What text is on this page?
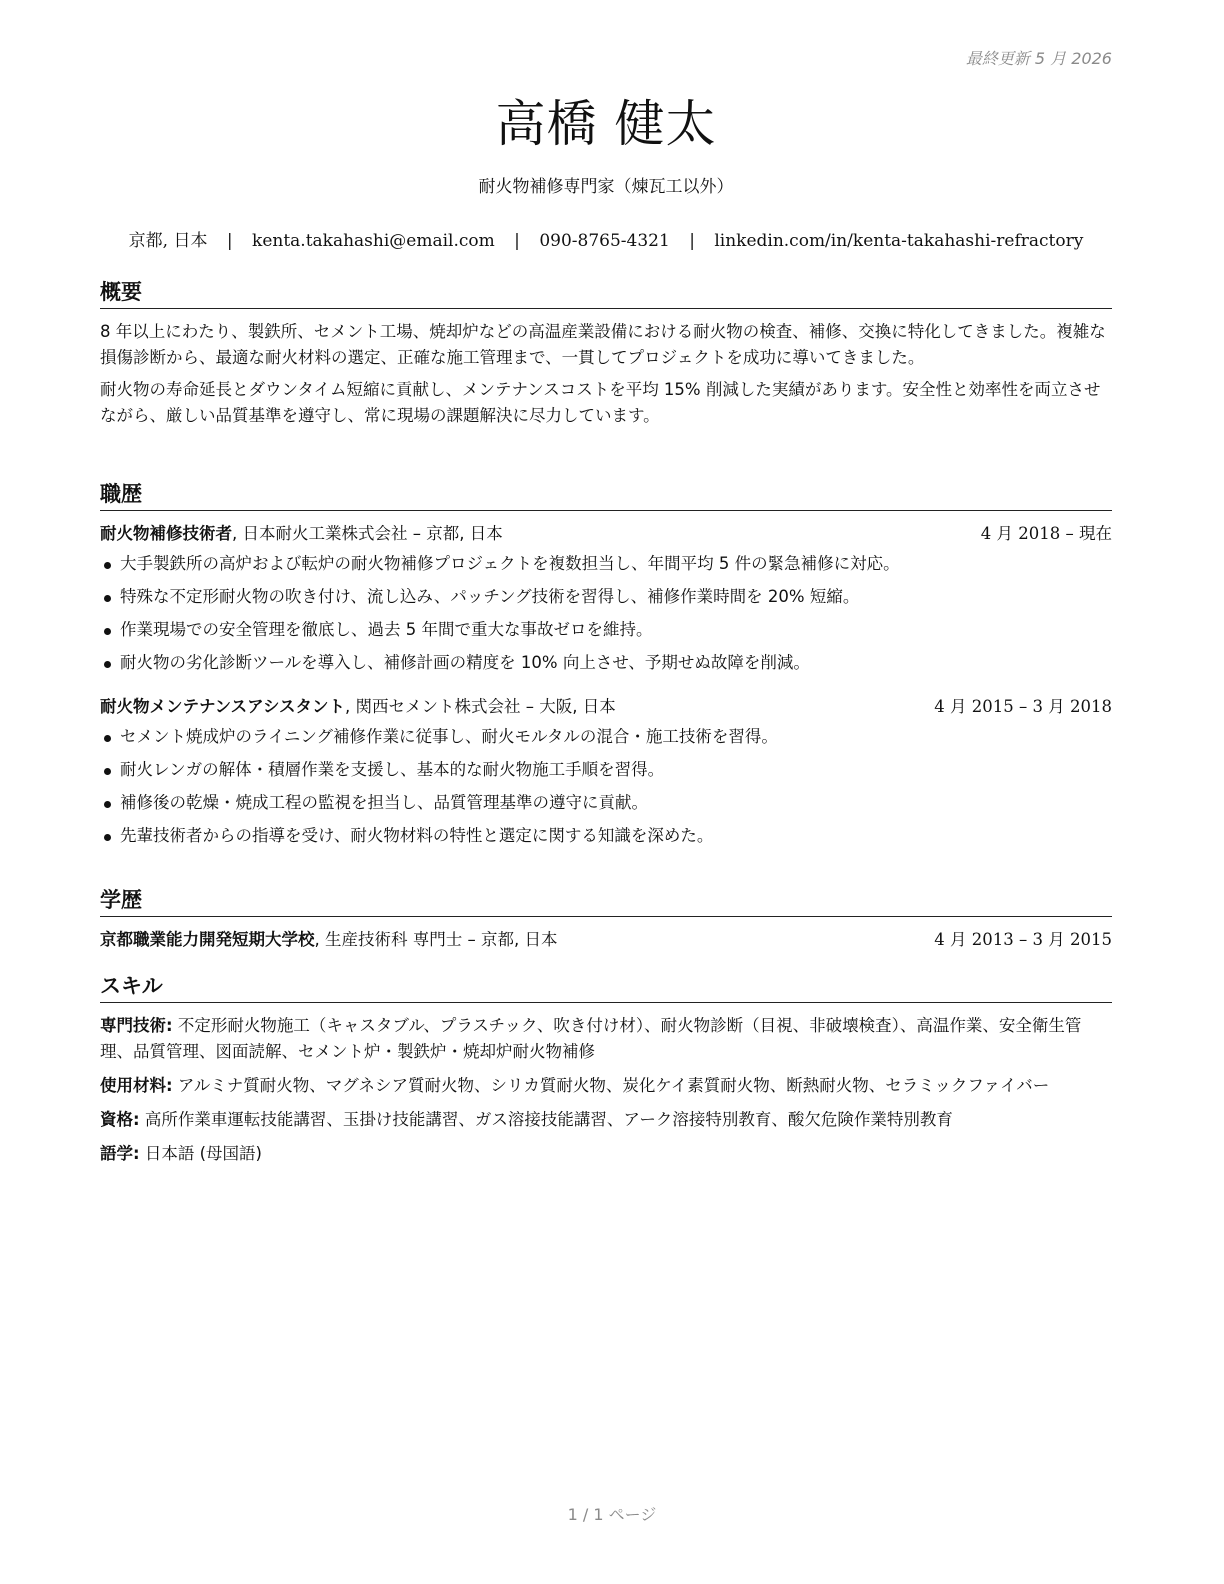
最終更新 5 月 2026
高橋 健太
耐火物補修専門家（煉瓦工以外）
京都, 日本 | kenta.takahashi@email.com | 090-8765-4321 | linkedin.com/in/kenta-takahashi-refractory
概要

8 年以上にわたり、製鉄所、セメント工場、焼却炉などの高温産業設備における耐火物の検査、補修、交換に特化してきました。複雑な損傷診断から、最適な耐火材料の選定、正確な施工管理まで、一貫してプロジェクトを成功に導いてきました。

耐火物の寿命延長とダウンタイム短縮に貢献し、メンテナンスコストを平均 15% 削減した実績があります。安全性と効率性を両立させながら、厳しい品質基準を遵守し、常に現場の課題解決に尽力しています。

職歴
耐火物補修技術者, 日本耐火工業株式会社 – 京都, 日本	4 月 2018 – 現在
大手製鉄所の高炉および転炉の耐火物補修プロジェクトを複数担当し、年間平均 5 件の緊急補修に対応。
特殊な不定形耐火物の吹き付け、流し込み、パッチング技術を習得し、補修作業時間を 20% 短縮。
作業現場での安全管理を徹底し、過去 5 年間で重大な事故ゼロを維持。
耐火物の劣化診断ツールを導入し、補修計画の精度を 10% 向上させ、予期せぬ故障を削減。
耐火物メンテナンスアシスタント, 関西セメント株式会社 – 大阪, 日本	4 月 2015 – 3 月 2018
セメント焼成炉のライニング補修作業に従事し、耐火モルタルの混合・施工技術を習得。
耐火レンガの解体・積層作業を支援し、基本的な耐火物施工手順を習得。
補修後の乾燥・焼成工程の監視を担当し、品質管理基準の遵守に貢献。
先輩技術者からの指導を受け、耐火物材料の特性と選定に関する知識を深めた。
学歴
京都職業能力開発短期大学校, 生産技術科 専門士 – 京都, 日本	4 月 2013 – 3 月 2015
スキル

専門技術: 不定形耐火物施工（キャスタブル、プラスチック、吹き付け材）、耐火物診断（目視、非破壊検査）、高温作業、安全衛生管理、品質管理、図面読解、セメント炉・製鉄炉・焼却炉耐火物補修

使用材料: アルミナ質耐火物、マグネシア質耐火物、シリカ質耐火物、炭化ケイ素質耐火物、断熱耐火物、セラミックファイバー

資格: 高所作業車運転技能講習、玉掛け技能講習、ガス溶接技能講習、アーク溶接特別教育、酸欠危険作業特別教育

語学: 日本語 (母国語)

1 / 1 ページ
